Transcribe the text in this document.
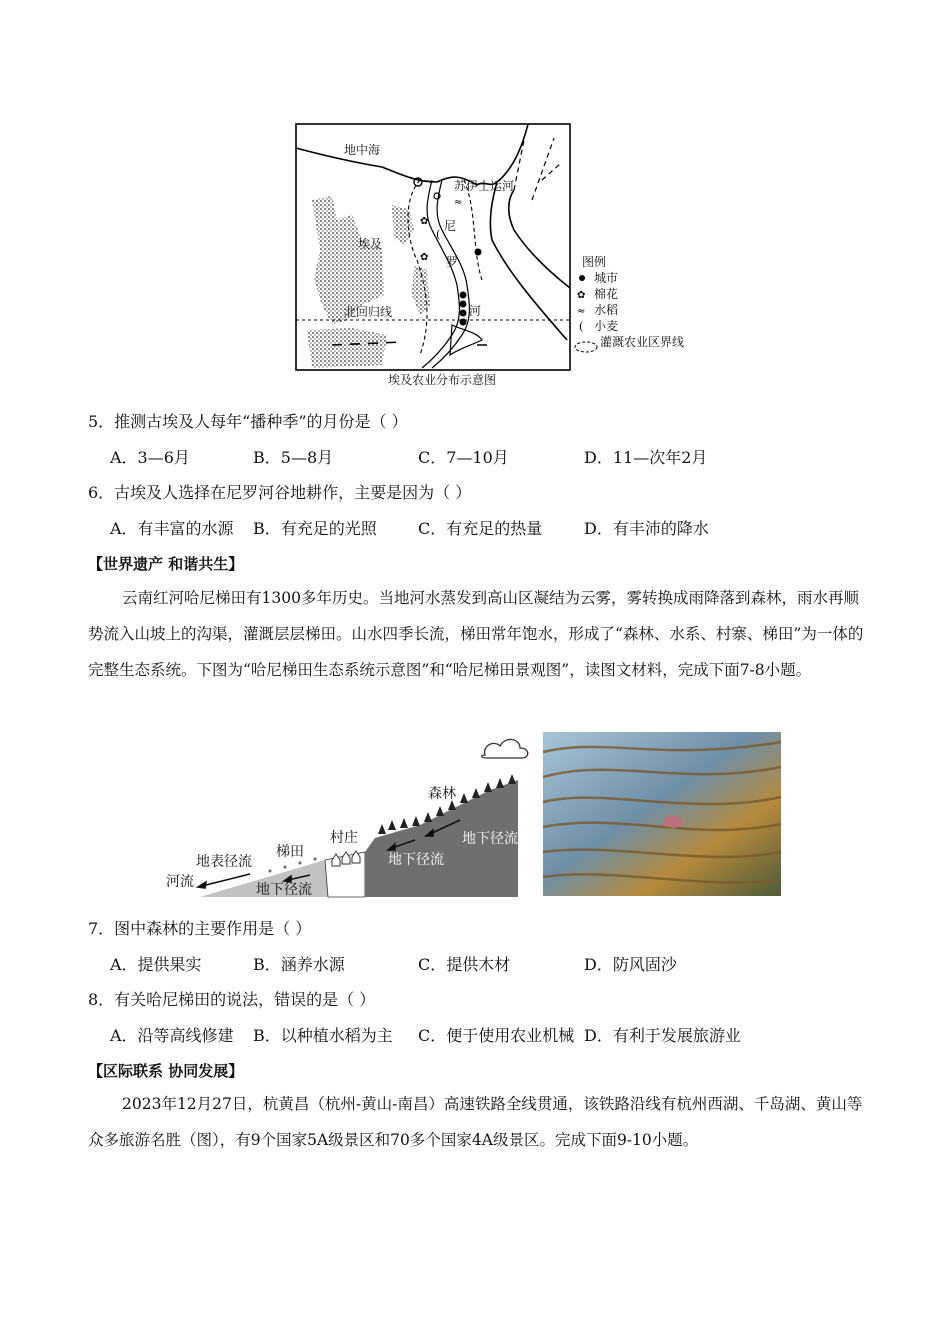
✿
✿
≈
(
地中海
埃及
苏伊士运河
尼
罗
河
北回归线
图例
城市
✿ 棉花
≈ 水稻
( 小麦
灌溉农业区界线
埃及农业分布示意图
5．推测古埃及人每年“播种季”的月份是（ ）
A．3—6月	B．5—8月	C．7—10月	D．11—次年2月
6．古埃及人选择在尼罗河谷地耕作，主要是因为（ ）
A．有丰富的水源 B．有充足的光照	C．有充足的热量	D．有丰沛的降水
【世界遗产 和谐共生】

云南红河哈尼梯田有1300多年历史。当地河水蒸发到高山区凝结为云雾，雾转换成雨降落到森林，雨水再顺势流入山坡上的沟渠，灌溉层层梯田。山水四季长流，梯田常年饱水，形成了“森林、水系、村寨、梯田”为一体的完整生态系统。下图为“哈尼梯田生态系统示意图”和“哈尼梯田景观图”，读图文材料，完成下面7-8小题。

森林
村庄
梯田
地表径流
河流	地下径流
地下径流
地下径流
7．图中森林的主要作用是（ ）
A．提供果实	B．涵养水源	C．提供木材	D．防风固沙
8．有关哈尼梯田的说法，错误的是（ ）
A．沿等高线修建 B．以种植水稻为主 C．便于使用农业机械 D．有利于发展旅游业
【区际联系 协同发展】

2023年12月27日，杭黄昌（杭州-黄山-南昌）高速铁路全线贯通，该铁路沿线有杭州西湖、千岛湖、黄山等众多旅游名胜（图），有9个国家5A级景区和70多个国家4A级景区。完成下面9-10小题。
